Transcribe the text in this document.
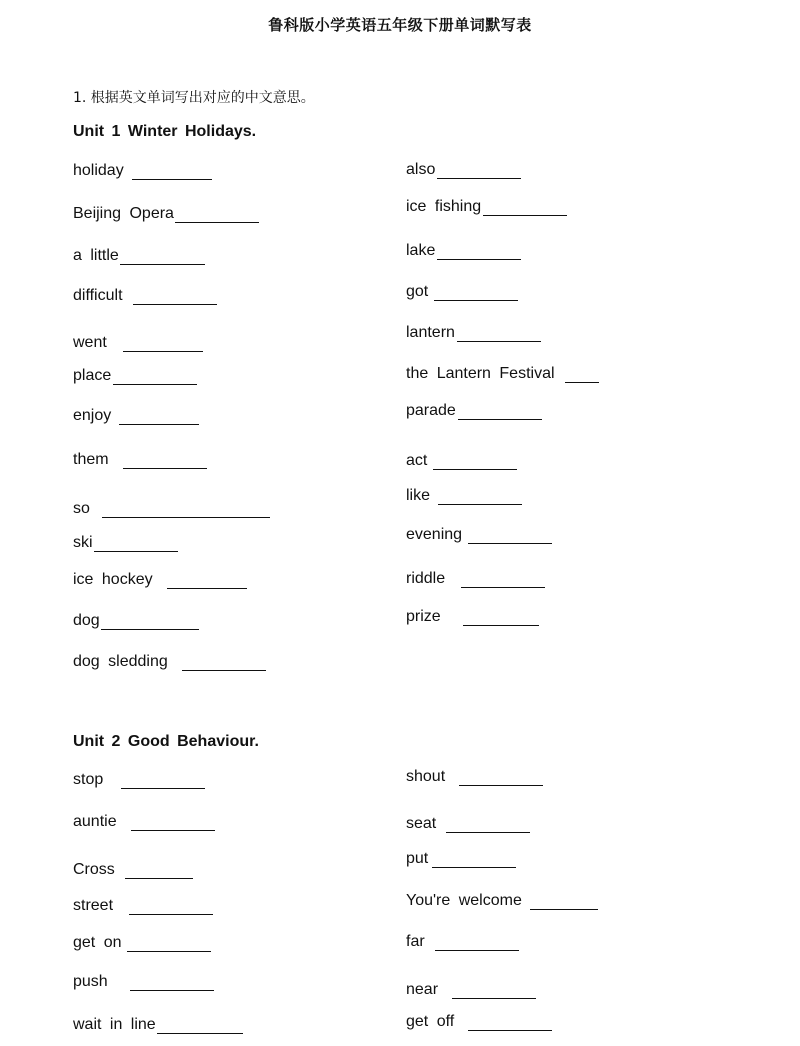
鲁科版小学英语五年级下册单词默写表
1. 根据英文单词写出对应的中文意思。
Unit 1 Winter Holidays.
holiday
Beijing Opera
a little
difficult
went
place
enjoy
them
so
ski
ice hockey
dog
dog sledding
also
ice fishing
lake
got
lantern
the Lantern Festival
parade
act
like
evening
riddle
prize
Unit 2 Good Behaviour.
stop
auntie
Cross
street
get on
push
wait in line
shout
seat
put
You're welcome
far
near
get off
